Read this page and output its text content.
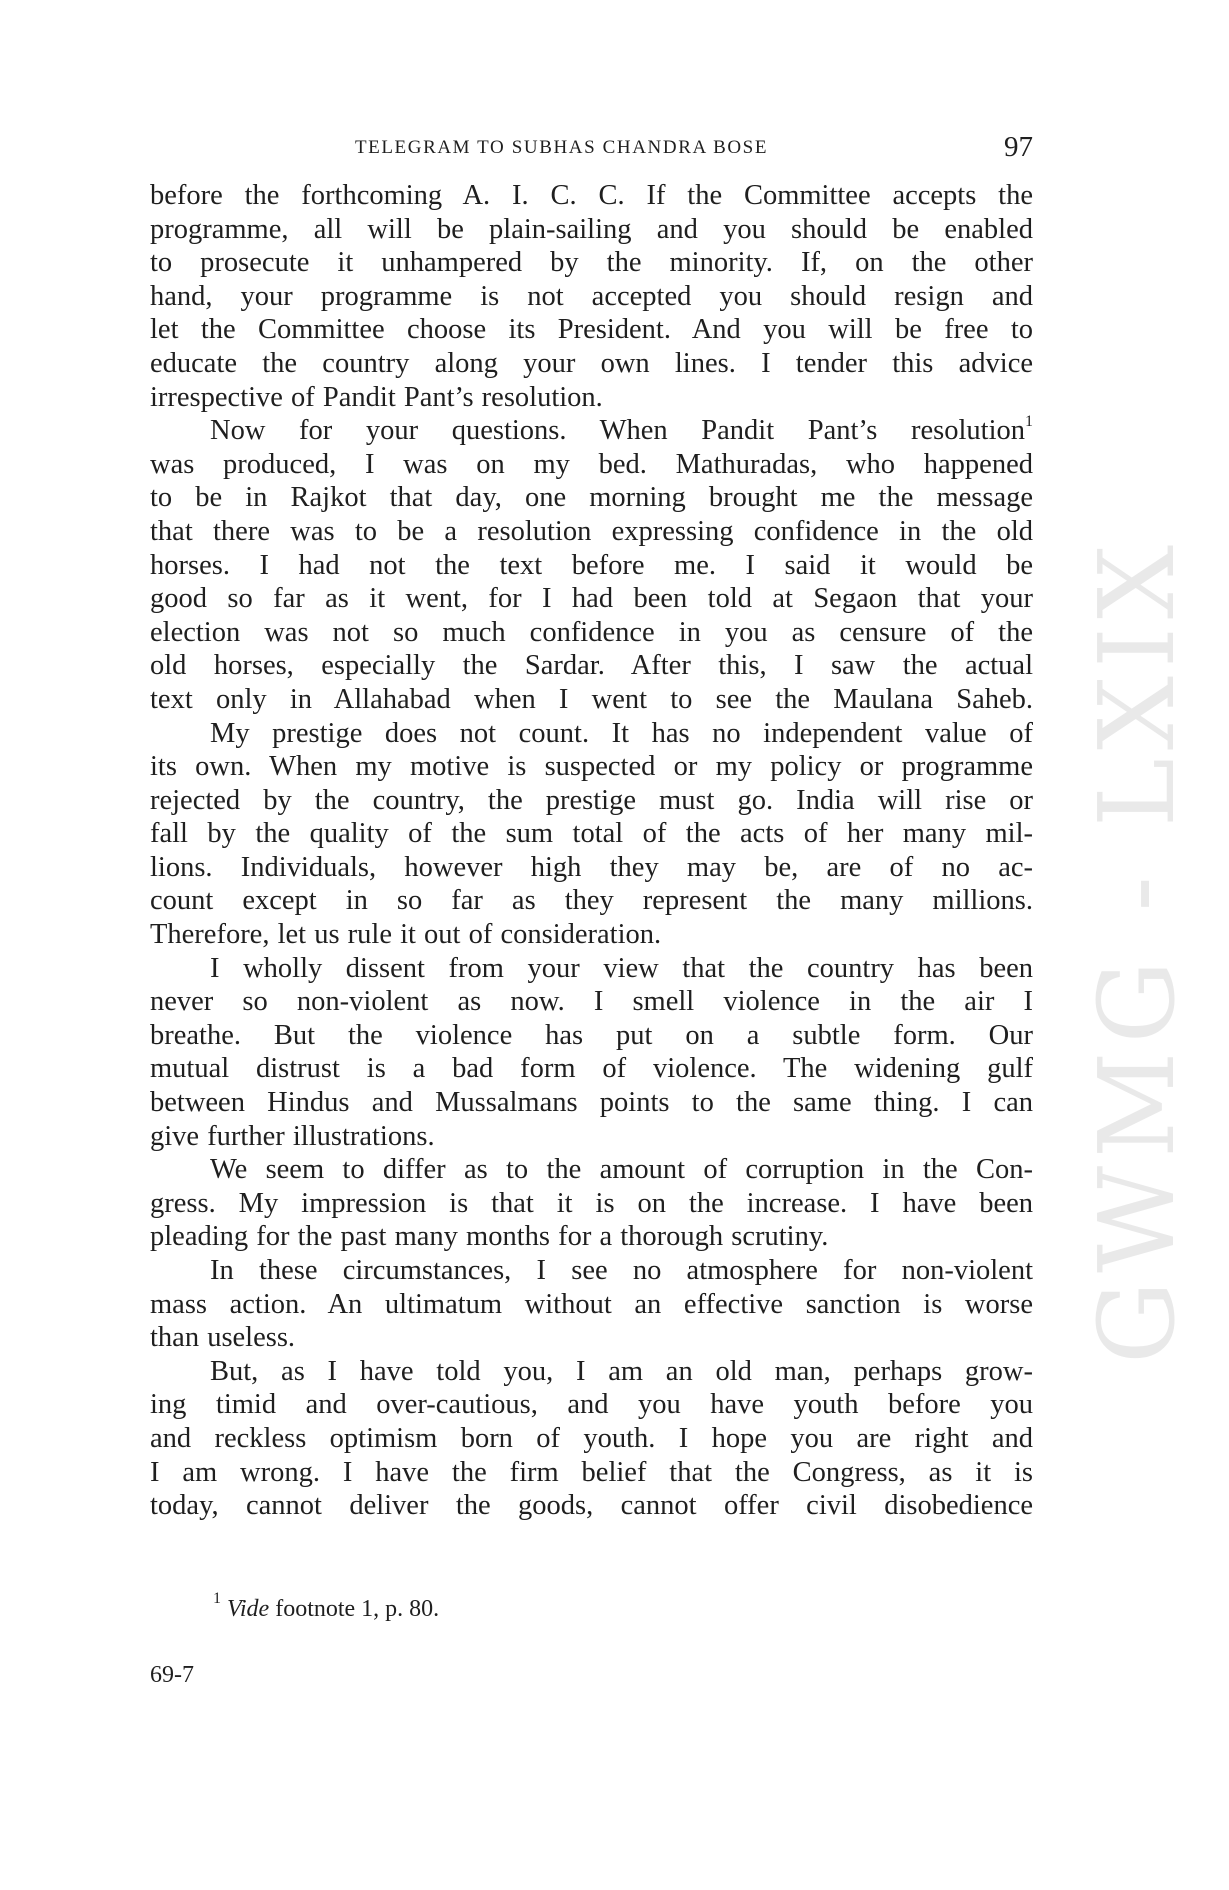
TELEGRAM TO SUBHAS CHANDRA BOSE	97
GWMG - LXIX
before the forthcoming A. I. C. C. If the Committee accepts the
programme, all will be plain-sailing and you should be enabled
to prosecute it unhampered by the minority. If, on the other
hand, your programme is not accepted you should resign and
let the Committee choose its President. And you will be free to
educate the country along your own lines. I tender this advice
irrespective of Pandit Pant’s resolution.
Now for your questions. When Pandit Pant’s resolution$^1$
was produced, I was on my bed. Mathuradas, who happened
to be in Rajkot that day, one morning brought me the message
that there was to be a resolution expressing confidence in the old
horses. I had not the text before me. I said it would be
good so far as it went, for I had been told at Segaon that your
election was not so much confidence in you as censure of the
old horses, especially the Sardar. After this, I saw the actual
text only in Allahabad when I went to see the Maulana Saheb.
My prestige does not count. It has no independent value of
its own. When my motive is suspected or my policy or programme
rejected by the country, the prestige must go. India will rise or
fall by the quality of the sum total of the acts of her many mil-
lions. Individuals, however high they may be, are of no ac-
count except in so far as they represent the many millions.
Therefore, let us rule it out of consideration.
I wholly dissent from your view that the country has been
never so non-violent as now. I smell violence in the air I
breathe. But the violence has put on a subtle form. Our
mutual distrust is a bad form of violence. The widening gulf
between Hindus and Mussalmans points to the same thing. I can
give further illustrations.
We seem to differ as to the amount of corruption in the Con-
gress. My impression is that it is on the increase. I have been
pleading for the past many months for a thorough scrutiny.
In these circumstances, I see no atmosphere for non-violent
mass action. An ultimatum without an effective sanction is worse
than useless.
But, as I have told you, I am an old man, perhaps grow-
ing timid and over-cautious, and you have youth before you
and reckless optimism born of youth. I hope you are right and
I am wrong. I have the firm belief that the Congress, as it is
today, cannot deliver the goods, cannot offer civil disobedience
$^1$ Vide footnote 1, p. 80.
69-7
